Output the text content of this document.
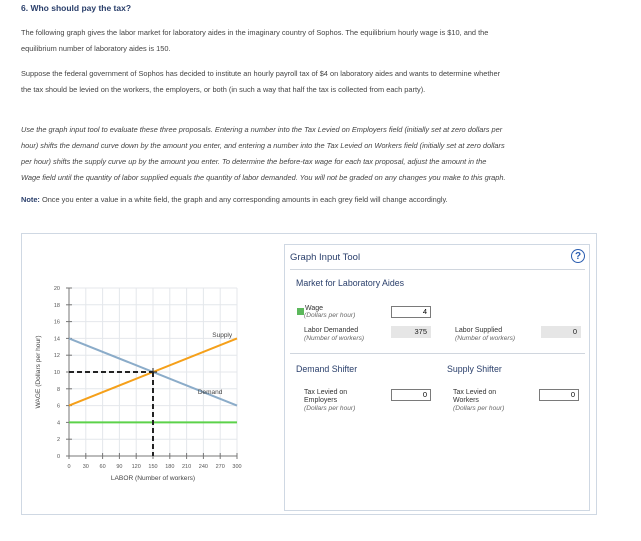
6. Who should pay the tax?
The following graph gives the labor market for laboratory aides in the imaginary country of Sophos. The equilibrium hourly wage is $10, and the
equilibrium number of laboratory aides is 150.
Suppose the federal government of Sophos has decided to institute an hourly payroll tax of $4 on laboratory aides and wants to determine whether
the tax should be levied on the workers, the employers, or both (in such a way that half the tax is collected from each party).
Use the graph input tool to evaluate these three proposals. Entering a number into the Tax Levied on Employers field (initially set at zero dollars per
hour) shifts the demand curve down by the amount you enter, and entering a number into the Tax Levied on Workers field (initially set at zero dollars
per hour) shifts the supply curve up by the amount you enter. To determine the before-tax wage for each tax proposal, adjust the amount in the
Wage field until the quantity of labor supplied equals the quantity of labor demanded. You will not be graded on any changes you make to this graph.
Note: Once you enter a value in a white field, the graph and any corresponding amounts in each grey field will change accordingly.
0
2
4
6
8
10
12
14
16
18
20
0 30 60 90 120 150 180 210 240 270 300
Supply
Demand
LABOR (Number of workers)
WAGE (Dollars per hour)
Graph Input Tool	?
Market for Laboratory Aides
Wage
(Dollars per hour)	4
Labor Demanded
(Number of workers)
375	Labor Supplied
(Number of workers)
0
Demand Shifter	Supply Shifter
Tax Levied on
Employers
(Dollars per hour)
0	Tax Levied on
Workers
(Dollars per hour)
0
